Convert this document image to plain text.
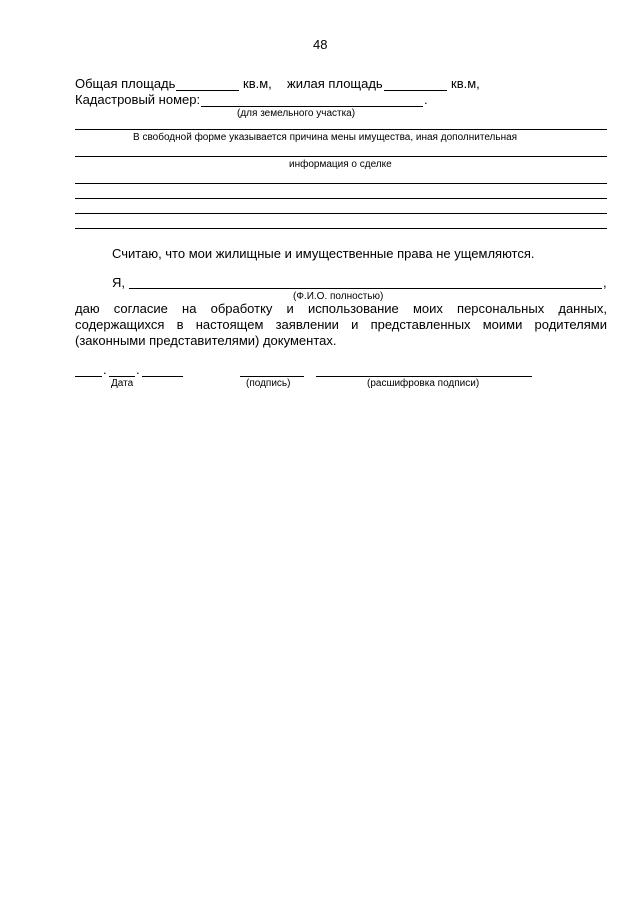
48
Общая площадь	кв.м, жилая площадь	кв.м,
Кадастровый номер:	.
(для земельного участка)
В свободной форме указывается причина мены имущества, иная дополнительная
информация о сделке
Считаю, что мои жилищные и имущественные права не ущемляются.
Я,	,
(Ф.И.О. полностью)
даю согласие на обработку и использование моих персональных данных,
содержащихся в настоящем заявлении и представленных моими родителями
(законными представителями) документах.
. .
Дата	(подпись)	(расшифровка подписи)
